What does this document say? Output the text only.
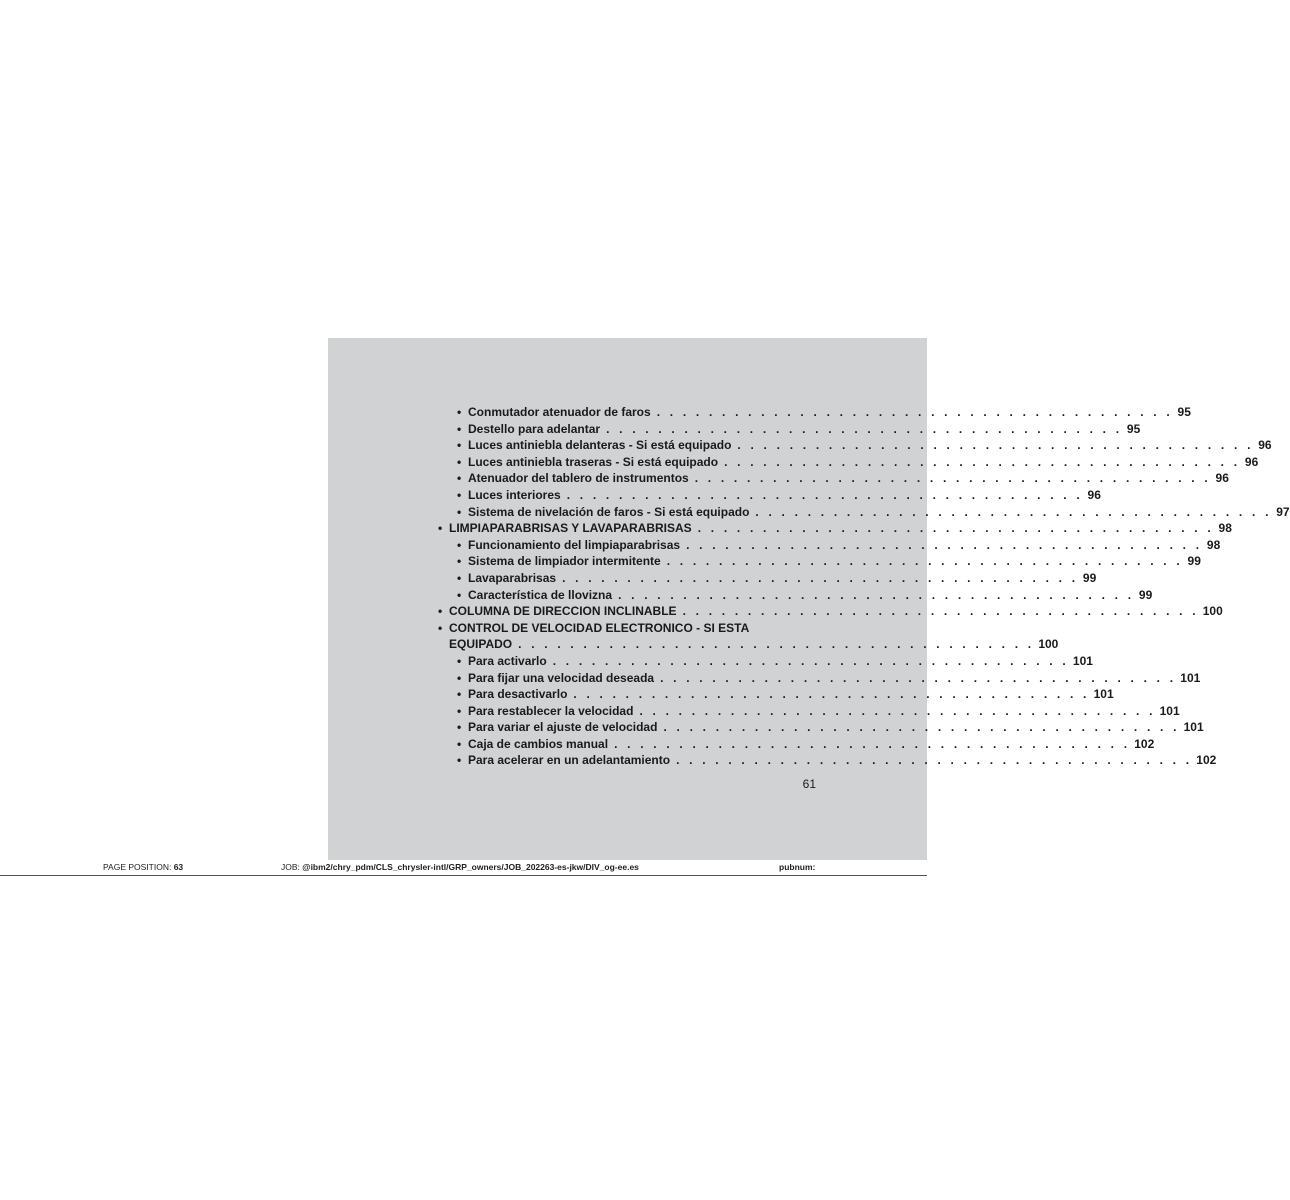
• Conmutador atenuador de faros . . . . . . . . . . . . . . . . . . . . . . . . . . . . . . . . . . . . . . . . 95
• Destello para adelantar . . . . . . . . . . . . . . . . . . . . . . . . . . . . . . . . . . . . . . . . 95
• Luces antiniebla delanteras - Si está equipado . . . . . . . . . . . . . . . . . . . . . . . . . . . . . . . . . . . . . . . . 96
• Luces antiniebla traseras - Si está equipado . . . . . . . . . . . . . . . . . . . . . . . . . . . . . . . . . . . . . . . . 96
• Atenuador del tablero de instrumentos . . . . . . . . . . . . . . . . . . . . . . . . . . . . . . . . . . . . . . . . 96
• Luces interiores . . . . . . . . . . . . . . . . . . . . . . . . . . . . . . . . . . . . . . . . 96
• Sistema de nivelación de faros - Si está equipado . . . . . . . . . . . . . . . . . . . . . . . . . . . . . . . . . . . . . . . . 97
• LIMPIAPARABRISAS Y LAVAPARABRISAS . . . . . . . . . . . . . . . . . . . . . . . . . . . . . . . . . . . . . . . . 98
• Funcionamiento del limpiaparabrisas . . . . . . . . . . . . . . . . . . . . . . . . . . . . . . . . . . . . . . . . 98
• Sistema de limpiador intermitente . . . . . . . . . . . . . . . . . . . . . . . . . . . . . . . . . . . . . . . . 99
• Lavaparabrisas . . . . . . . . . . . . . . . . . . . . . . . . . . . . . . . . . . . . . . . . 99
• Característica de llovizna . . . . . . . . . . . . . . . . . . . . . . . . . . . . . . . . . . . . . . . . 99
• COLUMNA DE DIRECCION INCLINABLE . . . . . . . . . . . . . . . . . . . . . . . . . . . . . . . . . . . . . . . . 100
• CONTROL DE VELOCIDAD ELECTRONICO - SI ESTA
EQUIPADO . . . . . . . . . . . . . . . . . . . . . . . . . . . . . . . . . . . . . . . . 100
• Para activarlo . . . . . . . . . . . . . . . . . . . . . . . . . . . . . . . . . . . . . . . . 101
• Para fijar una velocidad deseada . . . . . . . . . . . . . . . . . . . . . . . . . . . . . . . . . . . . . . . . 101
• Para desactivarlo . . . . . . . . . . . . . . . . . . . . . . . . . . . . . . . . . . . . . . . . 101
• Para restablecer la velocidad . . . . . . . . . . . . . . . . . . . . . . . . . . . . . . . . . . . . . . . . 101
• Para variar el ajuste de velocidad . . . . . . . . . . . . . . . . . . . . . . . . . . . . . . . . . . . . . . . . 101
• Caja de cambios manual . . . . . . . . . . . . . . . . . . . . . . . . . . . . . . . . . . . . . . . . 102
• Para acelerar en un adelantamiento . . . . . . . . . . . . . . . . . . . . . . . . . . . . . . . . . . . . . . . . 102
61
PAGE POSITION: 63	JOB: @ibm2/chry_pdm/CLS_chrysler-intl/GRP_owners/JOB_202263-es-jkw/DIV_og-ee.es	pubnum:
